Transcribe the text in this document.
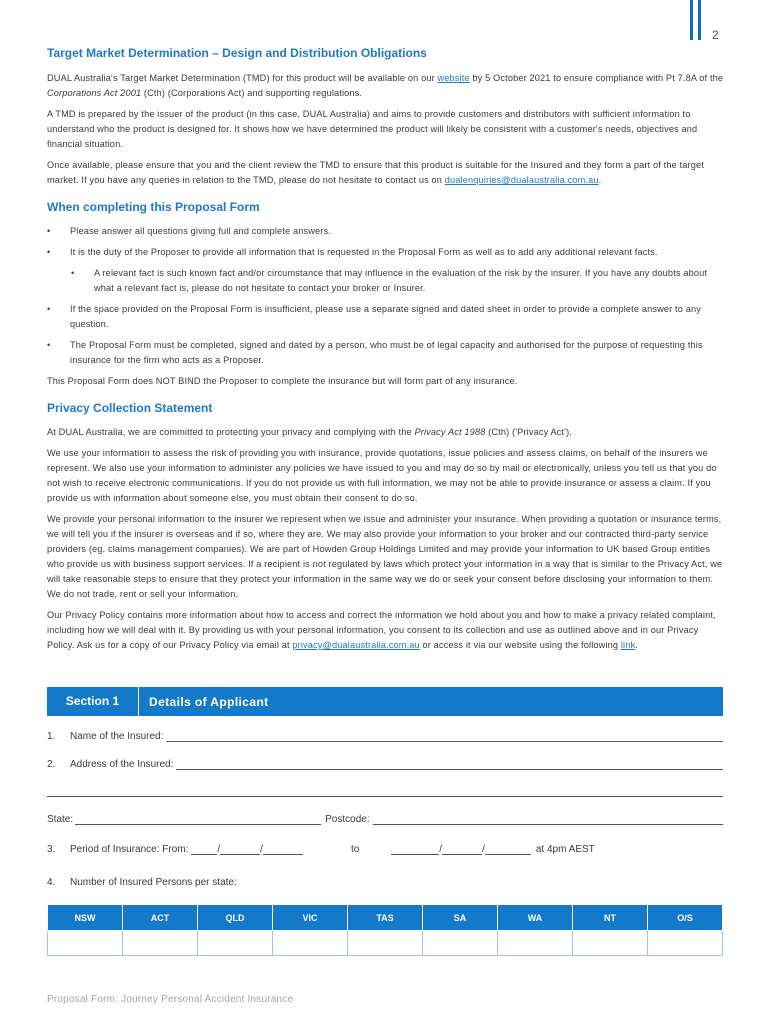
2
Target Market Determination – Design and Distribution Obligations

DUAL Australia's Target Market Determination (TMD) for this product will be available on our website by 5 October 2021 to ensure compliance with Pt 7.8A of the Corporations Act 2001 (Cth) (Corporations Act) and supporting regulations.

A TMD is prepared by the issuer of the product (in this case, DUAL Australia) and aims to provide customers and distributors with sufficient information to understand who the product is designed for. It shows how we have determined the product will likely be consistent with a customer's needs, objectives and financial situation.

Once available, please ensure that you and the client review the TMD to ensure that this product is suitable for the Insured and they form a part of the target market. If you have any queries in relation to the TMD, please do not hesitate to contact us on dualenquiries@dualaustralia.com.au.

When completing this Proposal Form
• Please answer all questions giving full and complete answers.
• It is the duty of the Proposer to provide all information that is requested in the Proposal Form as well as to add any additional relevant facts.
• A relevant fact is such known fact and/or circumstance that may influence in the evaluation of the risk by the insurer. If you have any doubts about what a relevant fact is, please do not hesitate to contact your broker or Insurer.
• If the space provided on the Proposal Form is insufficient, please use a separate signed and dated sheet in order to provide a complete answer to any question.
• The Proposal Form must be completed, signed and dated by a person, who must be of legal capacity and authorised for the purpose of requesting this insurance for the firm who acts as a Proposer.

This Proposal Form does NOT BIND the Proposer to complete the insurance but will form part of any insurance.

Privacy Collection Statement

At DUAL Australia, we are committed to protecting your privacy and complying with the Privacy Act 1988 (Cth) ('Privacy Act').

We use your information to assess the risk of providing you with insurance, provide quotations, issue policies and assess claims, on behalf of the insurers we represent. We also use your information to administer any policies we have issued to you and may do so by mail or electronically, unless you tell us that you do not wish to receive electronic communications. If you do not provide us with full information, we may not be able to provide insurance or assess a claim. If you provide us with information about someone else, you must obtain their consent to do so.

We provide your personal information to the insurer we represent when we issue and administer your insurance. When providing a quotation or insurance terms, we will tell you if the insurer is overseas and if so, where they are. We may also provide your information to your broker and our contracted third-party service providers (eg. claims management companies). We are part of Howden Group Holdings Limited and may provide your information to UK based Group entities who provide us with business support services. If a recipient is not regulated by laws which protect your information in a way that is similar to the Privacy Act, we will take reasonable steps to ensure that they protect your information in the same way we do or seek your consent before disclosing your information to them. We do not trade, rent or sell your information.

Our Privacy Policy contains more information about how to access and correct the information we hold about you and how to make a privacy related complaint, including how we will deal with it. By providing us with your personal information, you consent to its collection and use as outlined above and in our Privacy Policy. Ask us for a copy of our Privacy Policy via email at privacy@dualaustralia.com.au or access it via our website using the following link.

Section 1	Details of Applicant
1.	Name of the Insured:
2.	Address of the Insured:
State:	Postcode:
3.	Period of Insurance: From:	/	/	to	/	/	at 4pm AEST
4.	Number of Insured Persons per state:
NSW	ACT	QLD	VIC	TAS	SA	WA	NT	O/S

Proposal Form: Journey Personal Accident Insurance
